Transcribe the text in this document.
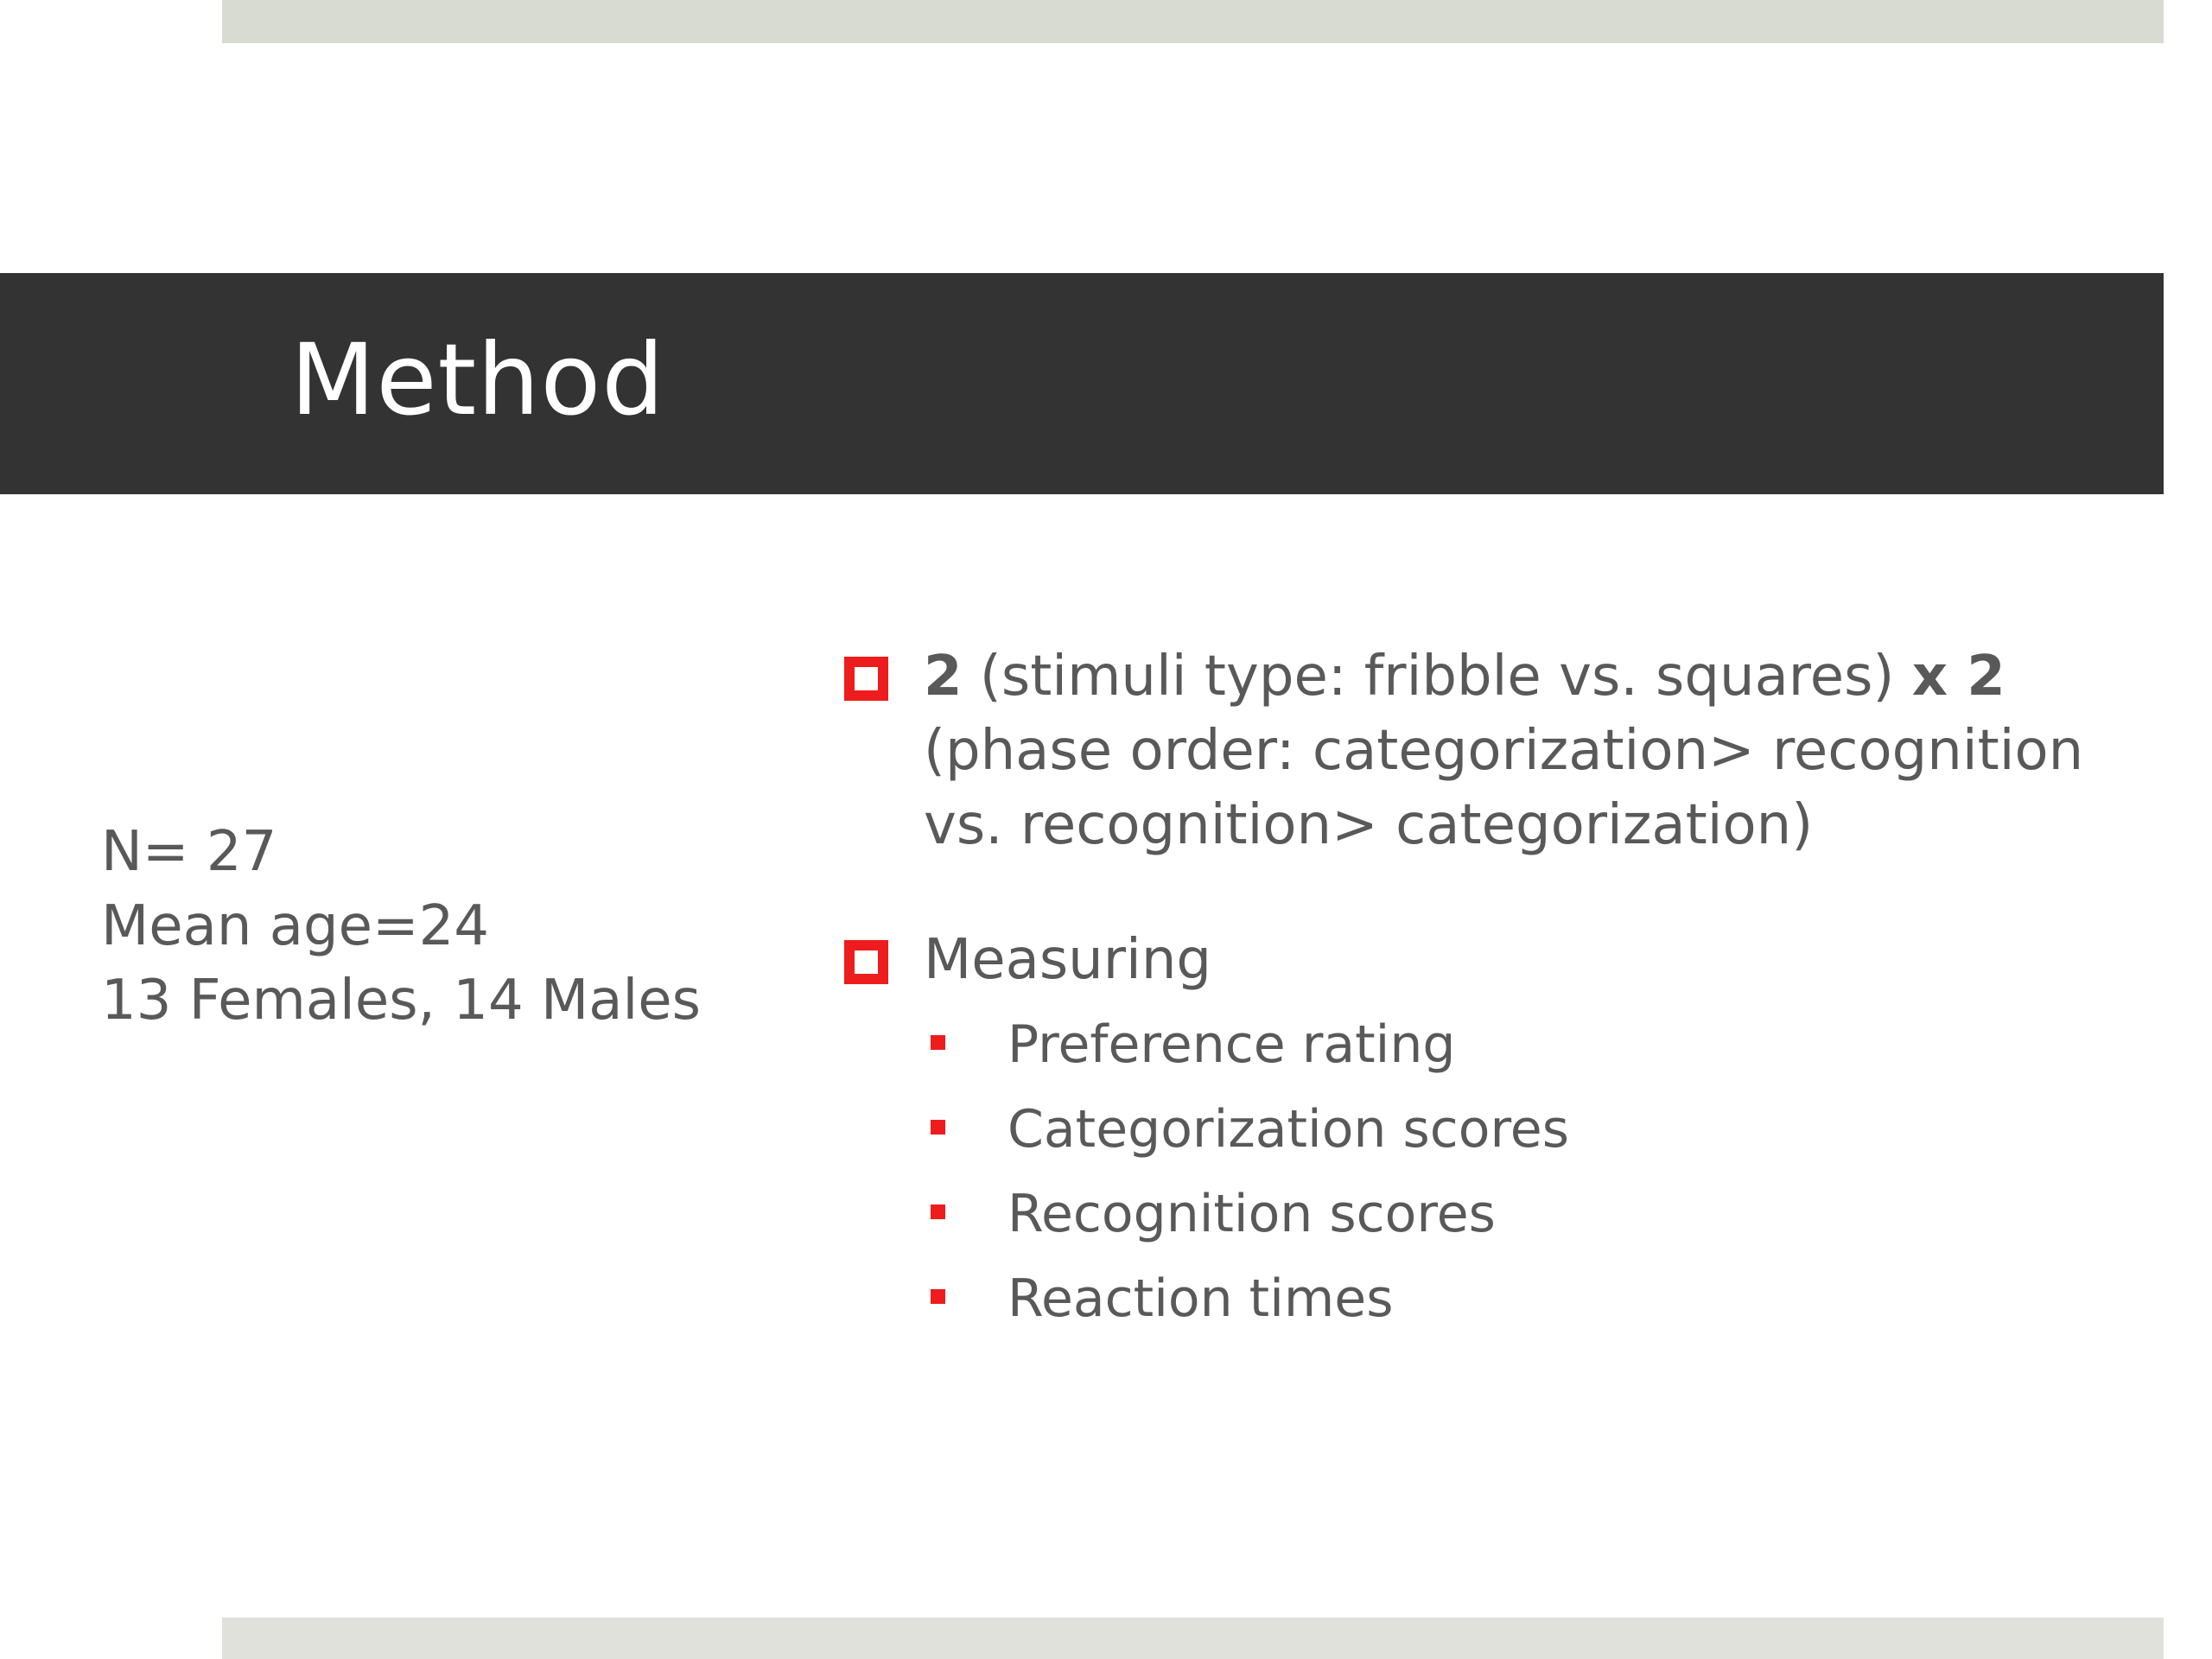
Method
N= 27
Mean age=24
13 Females, 14 Males
2 (stimuli type: fribble vs. squares) x 2 (phase order: categorization> recognition vs. recognition> categorization)
Measuring
Preference rating
Categorization scores
Recognition scores
Reaction times
